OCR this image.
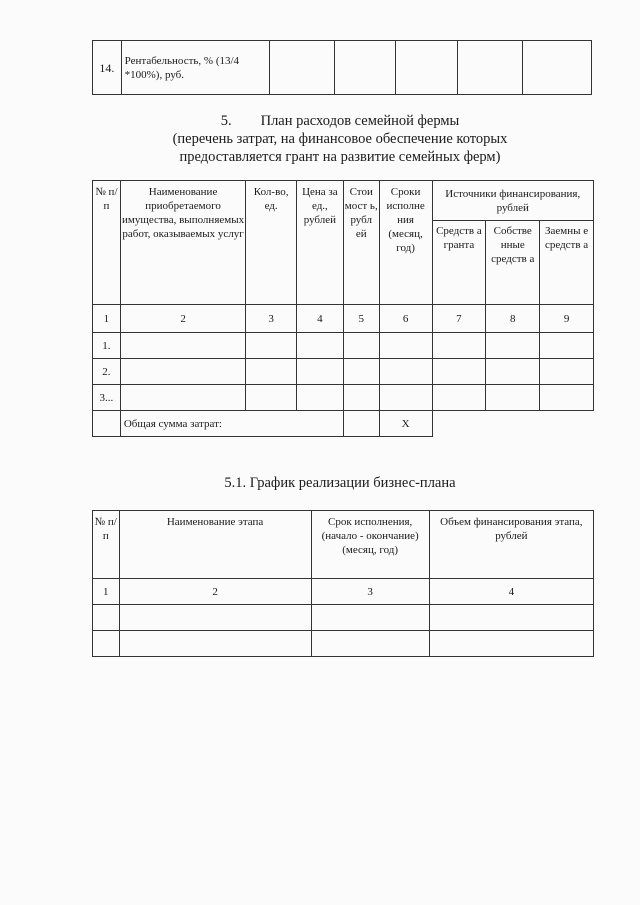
14.	Рентабельность, % (13/4 *100%), руб.					
5.        План расходов семейной фермы
(перечень затрат, на финансовое обеспечение которых
предоставляется грант на развитие семейных ферм)
№ п/п	Наименование приобретаемого имущества, выполняемых работ, оказываемых услуг	Кол-во, ед.	Цена за ед., рублей	Стои мост ь, рубл ей	Сроки исполне ния (месяц, год)	Источники финансирования, рублей		
						Средств а гранта	Собстве нные средств а	Заемны е средств а
1	2	3	4	5	6	7	8	9
1.								
2.								
3...								
	Общая сумма затрат:				X			
5.1. График реализации бизнес-плана
№ п/п	Наименование этапа	Срок исполнения, (начало - окончание) (месяц, год)	Объем финансирования этапа, рублей
1	2	3	4
